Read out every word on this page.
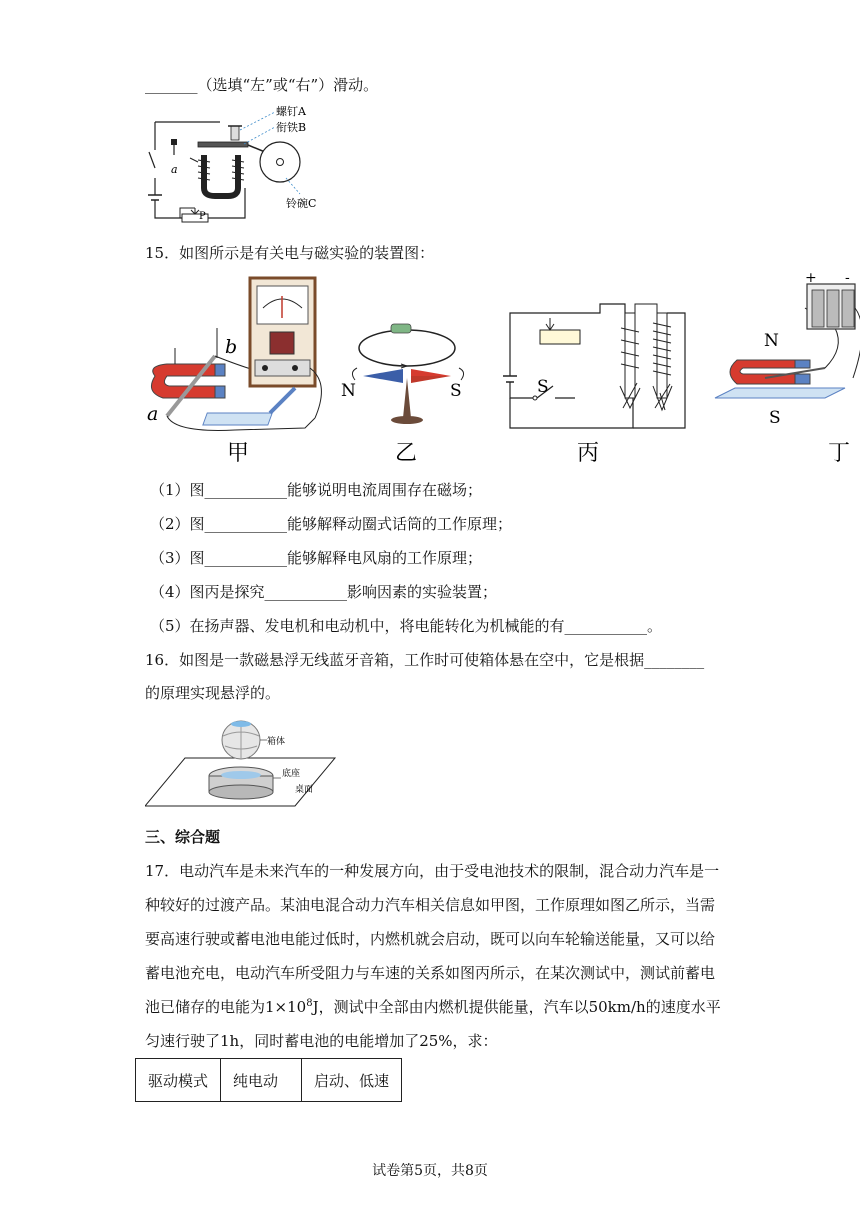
_______（选填“左”或“右”）滑动。
螺钉A
衔铁B
铃碗C
a
P
15．如图所示是有关电与磁实验的装置图：
b
a
N	S	S
+ -
N
S
甲	乙	丙	丁
（1）图___________能够说明电流周围存在磁场；
（2）图___________能够解释动圈式话筒的工作原理；
（3）图___________能够解释电风扇的工作原理；
（4）图丙是探究___________影响因素的实验装置；
（5）在扬声器、发电机和电动机中，将电能转化为机械能的有___________。
16．如图是一款磁悬浮无线蓝牙音箱，工作时可使箱体悬在空中，它是根据________
的原理实现悬浮的。
箱体
底座
桌面
三、综合题
17．电动汽车是未来汽车的一种发展方向，由于受电池技术的限制，混合动力汽车是一
种较好的过渡产品。某油电混合动力汽车相关信息如甲图，工作原理如图乙所示，当需
要高速行驶或蓄电池电能过低时，内燃机就会启动，既可以向车轮输送能量，又可以给
蓄电池充电，电动汽车所受阻力与车速的关系如图丙所示，在某次测试中，测试前蓄电
池已储存的电能为$1\times 10^8J$，测试中全部由内燃机提供能量，汽车以50km/h的速度水平
匀速行驶了1h，同时蓄电池的电能增加了25%，求：
驱动模式	纯电动	启动、低速
试卷第5页，共8页
